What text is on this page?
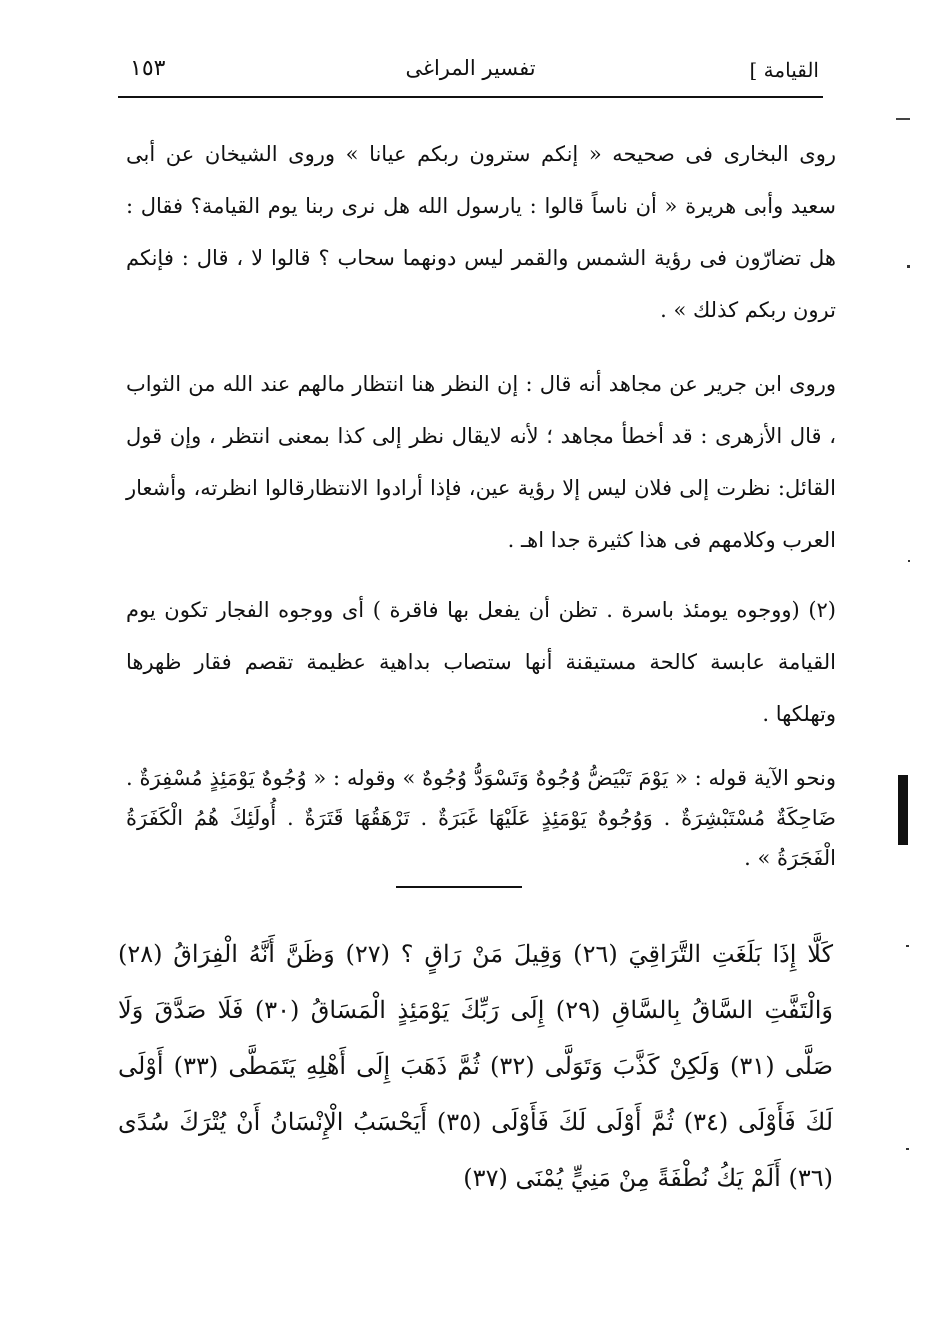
القيامة ]
تفسير المراغى
١٥٣

روى البخارى فى صحيحه « إنكم سترون ربكم عيانا » وروى الشيخان عن أبى سعيد وأبى هريرة « أن ناساً قالوا : يارسول الله هل نرى ربنا يوم القيامة؟ فقال : هل تضارّون فى رؤية الشمس والقمر ليس دونهما سحاب ؟ قالوا لا ، قال : فإنكم ترون ربكم كذلك » .

وروى ابن جرير عن مجاهد أنه قال : إن النظر هنا انتظار مالهم عند الله من الثواب ، قال الأزهرى : قد أخطأ مجاهد ؛ لأنه لايقال نظر إلى كذا بمعنى انتظر ، وإن قول القائل: نظرت إلى فلان ليس إلا رؤية عين، فإذا أرادوا الانتظارقالوا انظرته، وأشعار العرب وكلامهم فى هذا كثيرة جدا اهـ .

(٢) (ووجوه يومئذ باسرة . تظن أن يفعل بها فاقرة ) أى ووجوه الفجار تكون يوم القيامة عابسة كالحة مستيقنة أنها ستصاب بداهية عظيمة تقصم فقار ظهرها وتهلكها .

ونحو الآية قوله : « يَوْمَ تَبْيَضُّ وُجُوهٌ وَتَسْوَدُّ وُجُوهٌ » وقوله : « وُجُوهٌ يَوْمَئِذٍ مُسْفِرَةٌ . ضَاحِكَةٌ مُسْتَبْشِرَةٌ . وَوُجُوهٌ يَوْمَئِذٍ عَلَيْهَا غَبَرَةٌ . تَرْهَقُهَا قَتَرَةٌ . أُولَئِكَ هُمُ الْكَفَرَةُ الْفَجَرَةُ » .

كَلَّا إِذَا بَلَغَتِ التَّرَاقِيَ (٢٦) وَقِيلَ مَنْ رَاقٍ ؟ (٢٧) وَظَنَّ أَنَّهُ الْفِرَاقُ (٢٨) وَالْتَفَّتِ السَّاقُ بِالسَّاقِ (٢٩) إِلَى رَبِّكَ يَوْمَئِذٍ الْمَسَاقُ (٣٠) فَلَا صَدَّقَ وَلَا صَلَّى (٣١) وَلَكِنْ كَذَّبَ وَتَوَلَّى (٣٢) ثُمَّ ذَهَبَ إِلَى أَهْلِهِ يَتَمَطَّى (٣٣) أَوْلَى لَكَ فَأَوْلَى (٣٤) ثُمَّ أَوْلَى لَكَ فَأَوْلَى (٣٥) أَيَحْسَبُ الْإِنْسَانُ أَنْ يُتْرَكَ سُدًى (٣٦) أَلَمْ يَكُ نُطْفَةً مِنْ مَنِيٍّ يُمْنَى (٣٧)
